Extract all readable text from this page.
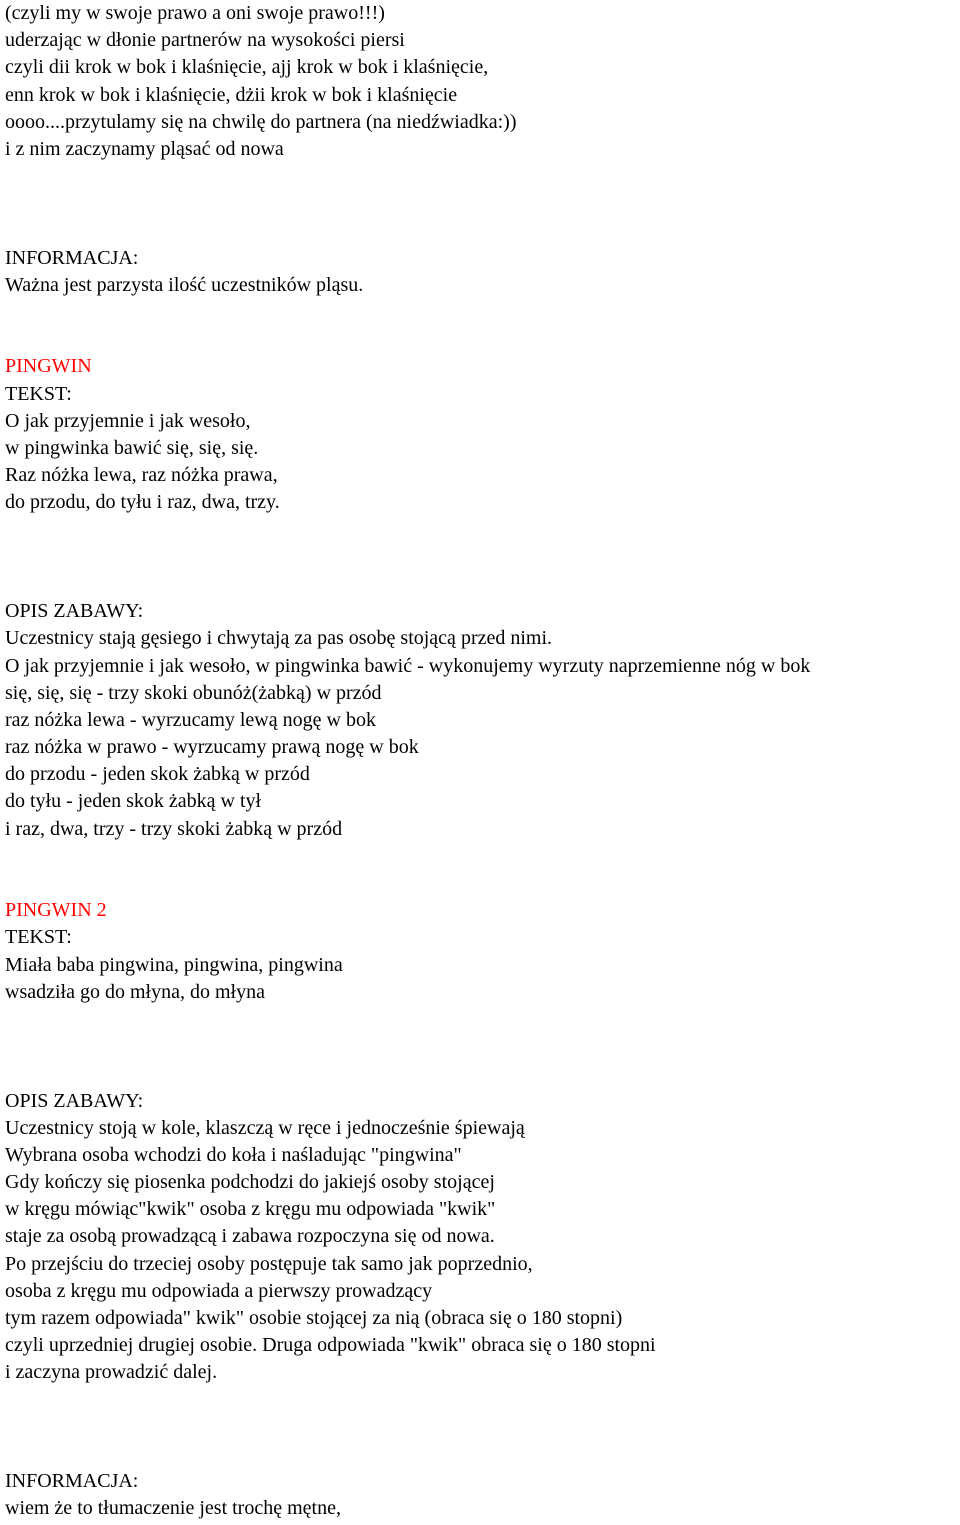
(czyli my w swoje prawo a oni swoje prawo!!!)
uderzając w dłonie partnerów na wysokości piersi
czyli dii krok w bok i klaśnięcie, ajj krok w bok i klaśnięcie,
enn krok w bok i klaśnięcie, dżii krok w bok i klaśnięcie
oooo....przytulamy się na chwilę do partnera (na niedźwiadka:))
i z nim zaczynamy pląsać od nowa
INFORMACJA:
Ważna jest parzysta ilość uczestników pląsu.
PINGWIN
TEKST:
O jak przyjemnie i jak wesoło,
w pingwinka bawić się, się, się.
Raz nóżka lewa, raz nóżka prawa,
do przodu, do tyłu i raz, dwa, trzy.
OPIS ZABAWY:
Uczestnicy stają gęsiego i chwytają za pas osobę stojącą przed nimi.
O jak przyjemnie i jak wesoło, w pingwinka bawić - wykonujemy wyrzuty naprzemienne nóg w bok
się, się, się - trzy skoki obunóż(żabką) w przód
raz nóżka lewa - wyrzucamy lewą nogę w bok
raz nóżka w prawo - wyrzucamy prawą nogę w bok
do przodu - jeden skok żabką w przód
do tyłu - jeden skok żabką w tył
i raz, dwa, trzy - trzy skoki żabką w przód
PINGWIN 2
TEKST:
Miała baba pingwina, pingwina, pingwina
wsadziła go do młyna, do młyna
OPIS ZABAWY:
Uczestnicy stoją w kole, klaszczą w ręce i jednocześnie śpiewają
Wybrana osoba wchodzi do koła i naśladując "pingwina"
Gdy kończy się piosenka podchodzi do jakiejś osoby stojącej
w kręgu mówiąc"kwik" osoba z kręgu mu odpowiada "kwik"
staje za osobą prowadzącą i zabawa rozpoczyna się od nowa.
Po przejściu do trzeciej osoby postępuje tak samo jak poprzednio,
osoba z kręgu mu odpowiada a pierwszy prowadzący
tym razem odpowiada" kwik" osobie stojącej za nią (obraca się o 180 stopni)
czyli uprzedniej drugiej osobie. Druga odpowiada "kwik" obraca się o 180 stopni
i zaczyna prowadzić dalej.
INFORMACJA:
wiem że to tłumaczenie jest trochę mętne,
